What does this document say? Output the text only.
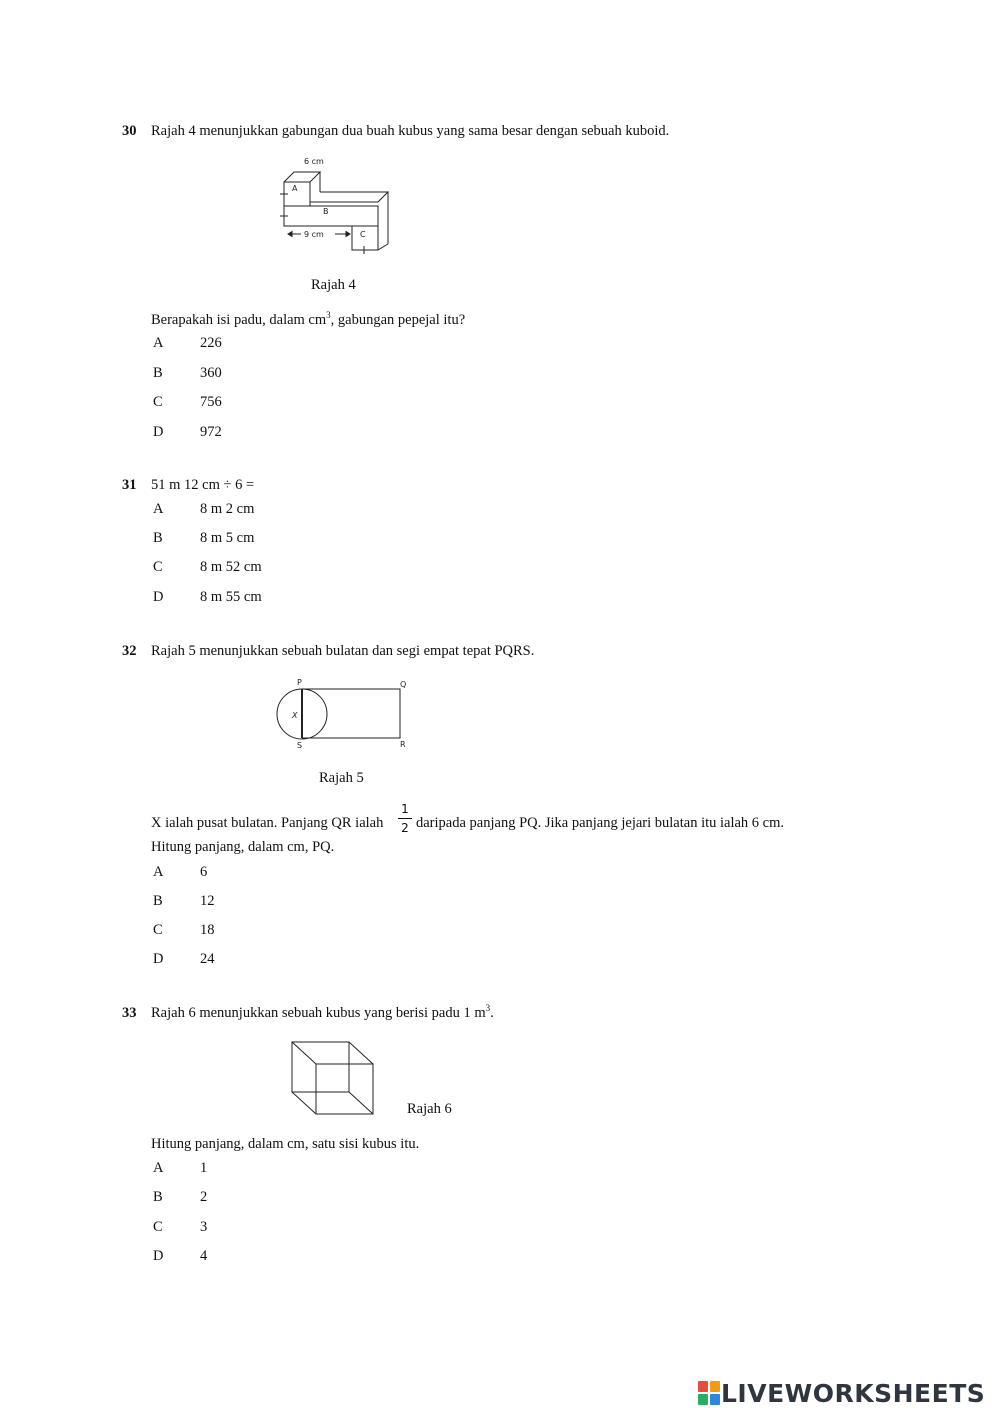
30 Rajah 4 menunjukkan gabungan dua buah kubus yang sama besar dengan sebuah kuboid.
6 cm
A
B
C
9 cm
Rajah 4
Berapakah isi padu, dalam $cm^3$, gabungan pepejal itu?
A	226
B	360
C	756
D	972
31 51 m 12 cm ÷ 6 =
A	8 m 2 cm
B	8 m 5 cm
C	8 m 52 cm
D	8 m 55 cm
32 Rajah 5 menunjukkan sebuah bulatan dan segi empat tepat PQRS.
P	Q
R
S
X
Rajah 5
X ialah pusat bulatan. Panjang QR ialah
1
2 daripada panjang PQ. Jika panjang jejari bulatan itu ialah 6 cm.
Hitung panjang, dalam cm, PQ.
A	6
B	12
C	18
D	24
33 Rajah 6 menunjukkan sebuah kubus yang berisi padu 1 $m^3$.
Rajah 6
Hitung panjang, dalam cm, satu sisi kubus itu.
A	1
B	2
C	3
D	4
LIVEWORKSHEETS
